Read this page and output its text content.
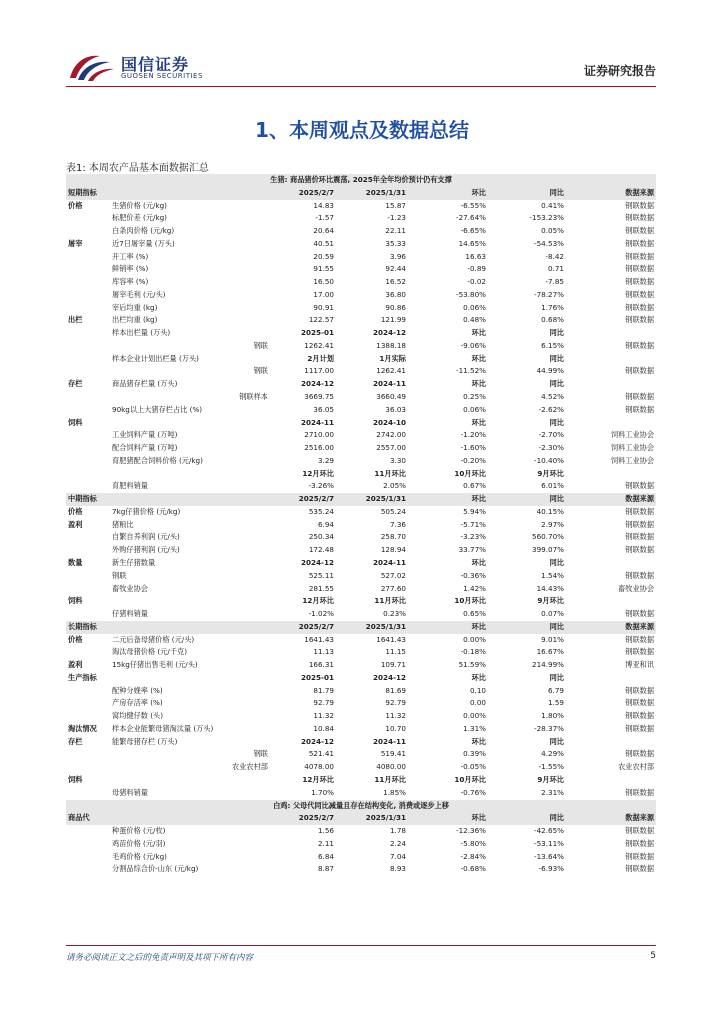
国信证券
GUOSEN SECURITIES	证券研究报告
1、本周观点及数据总结
表1: 本周农产品基本面数据汇总
生猪: 商品猪价环比震荡, 2025年全年均价预计仍有支撑						
短期指标		2025/2/7	2025/1/31	环比	同比	数据来源
价格	生猪价格 (元/kg)	14.83	15.87	-6.55%	0.41%	钢联数据
	标肥价差 (元/kg)	-1.57	-1.23	-27.64%	-153.23%	钢联数据
	白条肉价格 (元/kg)	20.64	22.11	-6.65%	0.05%	钢联数据
屠宰	近7日屠宰量 (万头)	40.51	35.33	14.65%	-54.53%	钢联数据
	开工率 (%)	20.59	3.96	16.63	-8.42	钢联数据
	鲜销率 (%)	91.55	92.44	-0.89	0.71	钢联数据
	库容率 (%)	16.50	16.52	-0.02	-7.85	钢联数据
	屠宰毛利 (元/头)	17.00	36.80	-53.80%	-78.27%	钢联数据
	宰后均重 (kg)	90.91	90.86	0.06%	1.76%	钢联数据
出栏	出栏均重 (kg)	122.57	121.99	0.48%	0.68%	钢联数据
	样本出栏量 (万头)	2025-01	2024-12	环比	同比	
	钢联	1262.41	1388.18	-9.06%	6.15%	钢联数据
	样本企业计划出栏量 (万头)	2月计划	1月实际	环比	同比	
	钢联	1117.00	1262.41	-11.52%	44.99%	钢联数据
存栏	商品猪存栏量 (万头)	2024-12	2024-11	环比	同比	
	钢联样本	3669.75	3660.49	0.25%	4.52%	钢联数据
	90kg以上大猪存栏占比 (%)	36.05	36.03	0.06%	-2.62%	钢联数据
饲料		2024-11	2024-10	环比	同比	
	工业饲料产量 (万吨)	2710.00	2742.00	-1.20%	-2.70%	饲料工业协会
	配合饲料产量 (万吨)	2516.00	2557.00	-1.60%	-2.30%	饲料工业协会
	育肥猪配合饲料价格 (元/kg)	3.29	3.30	-0.20%	-10.40%	饲料工业协会
		12月环比	11月环比	10月环比	9月环比	
	育肥料销量	-3.26%	2.05%	0.67%	6.01%	钢联数据
中期指标		2025/2/7	2025/1/31	环比	同比	数据来源
价格	7kg仔猪价格 (元/kg)	535.24	505.24	5.94%	40.15%	钢联数据
盈利	猪粮比	6.94	7.36	-5.71%	2.97%	钢联数据
	自繁自养利润 (元/头)	250.34	258.70	-3.23%	560.70%	钢联数据
	外购仔猪利润 (元/头)	172.48	128.94	33.77%	399.07%	钢联数据
数量	新生仔猪数量	2024-12	2024-11	环比	同比	
	钢联	525.11	527.02	-0.36%	1.54%	钢联数据
	畜牧业协会	281.55	277.60	1.42%	14.43%	畜牧业协会
饲料		12月环比	11月环比	10月环比	9月环比	
	仔猪料销量	-1.02%	0.23%	0.65%	0.07%	钢联数据
长期指标		2025/2/7	2025/1/31	环比	同比	数据来源
价格	二元后备母猪价格 (元/头)	1641.43	1641.43	0.00%	9.01%	钢联数据
	淘汰母猪价格 (元/千克)	11.13	11.15	-0.18%	16.67%	钢联数据
盈利	15kg仔猪出售毛利 (元/头)	166.31	109.71	51.59%	214.99%	博亚和讯
生产指标		2025-01	2024-12	环比	同比	
	配种分娩率 (%)	81.79	81.69	0.10	6.79	钢联数据
	产房存活率 (%)	92.79	92.79	0.00	1.59	钢联数据
	窝均健仔数 (头)	11.32	11.32	0.00%	1.80%	钢联数据
淘汰情况	样本企业能繁母猪淘汰量 (万头)	10.84	10.70	1.31%	-28.37%	钢联数据
存栏	能繁母猪存栏 (万头)	2024-12	2024-11	环比	同比	
	钢联	521.41	519.41	0.39%	4.29%	钢联数据
	农业农村部	4078.00	4080.00	-0.05%	-1.55%	农业农村部
饲料		12月环比	11月环比	10月环比	9月环比	
	母猪料销量	1.70%	1.85%	-0.76%	2.31%	钢联数据
白鸡: 父母代同比减量且存在结构变化, 消费或逐步上移						
商品代		2025/2/7	2025/1/31	环比	同比	数据来源
	种蛋价格 (元/枚)	1.56	1.78	-12.36%	-42.65%	钢联数据
	鸡苗价格 (元/羽)	2.11	2.24	-5.80%	-53.11%	钢联数据
	毛鸡价格 (元/kg)	6.84	7.04	-2.84%	-13.64%	钢联数据
	分割品综合价-山东 (元/kg)	8.87	8.93	-0.68%	-6.93%	钢联数据
请务必阅读正文之后的免责声明及其项下所有内容	5
